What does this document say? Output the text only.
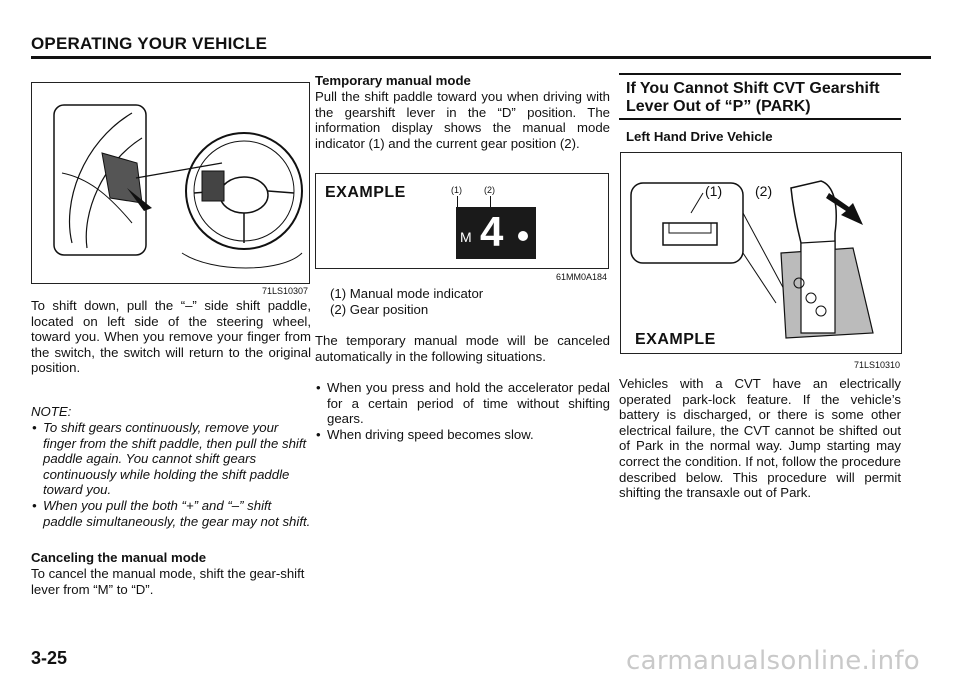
OPERATING YOUR VEHICLE
71LS10307
To shift down, pull the “–” side shift paddle, located on left side of the steering wheel, toward you. When you remove your finger from the switch, the switch will return to the original position.
NOTE:
• To shift gears continuously, remove your finger from the shift paddle, then pull the shift paddle again. You cannot shift gears continuously while holding the shift paddle toward you.
• When you pull the both “+” and “–” shift paddle simultaneously, the gear may not shift.
Canceling the manual mode
To cancel the manual mode, shift the gear-shift lever from “M” to “D”.
Temporary manual mode
Pull the shift paddle toward you when driving with the gearshift lever in the “D” position. The information display shows the manual mode indicator (1) and the current gear position (2).
EXAMPLE	(1) (2)
M 4
61MM0A184
(1) Manual mode indicator
(2) Gear position
The temporary manual mode will be canceled automatically in the following situations.
• When you press and hold the accelerator pedal for a certain period of time without shifting gears.
• When driving speed becomes slow.
If You Cannot Shift CVT Gearshift Lever Out of “P” (PARK)
Left Hand Drive Vehicle
(1) (2)
EXAMPLE
71LS10310
Vehicles with a CVT have an electrically operated park-lock feature. If the vehicle’s battery is discharged, or there is some other electrical failure, the CVT cannot be shifted out of Park in the normal way. Jump starting may correct the condition. If not, follow the procedure described below. This procedure will permit shifting the transaxle out of Park.
3-25	carmanualsonline.info
